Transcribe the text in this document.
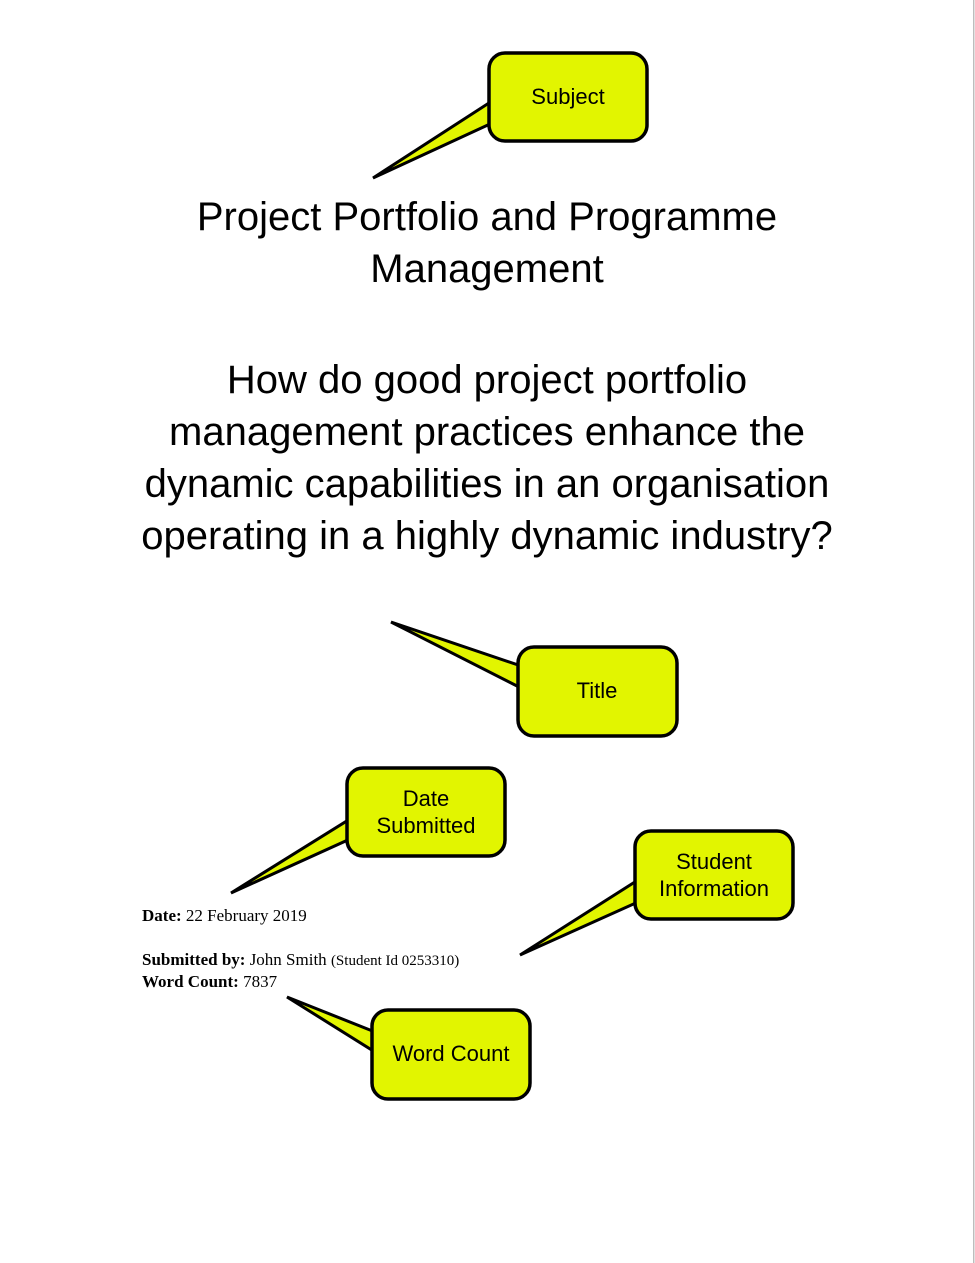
Project Portfolio and Programme Management
How do good project portfolio management practices enhance the dynamic capabilities in an organisation operating in a highly dynamic industry?

Date: 22 February 2019

Submitted by: John Smith (Student Id 0253310)

Word Count: 7837

Subject
Title
Date
Submitted
Student
Information
Word Count
